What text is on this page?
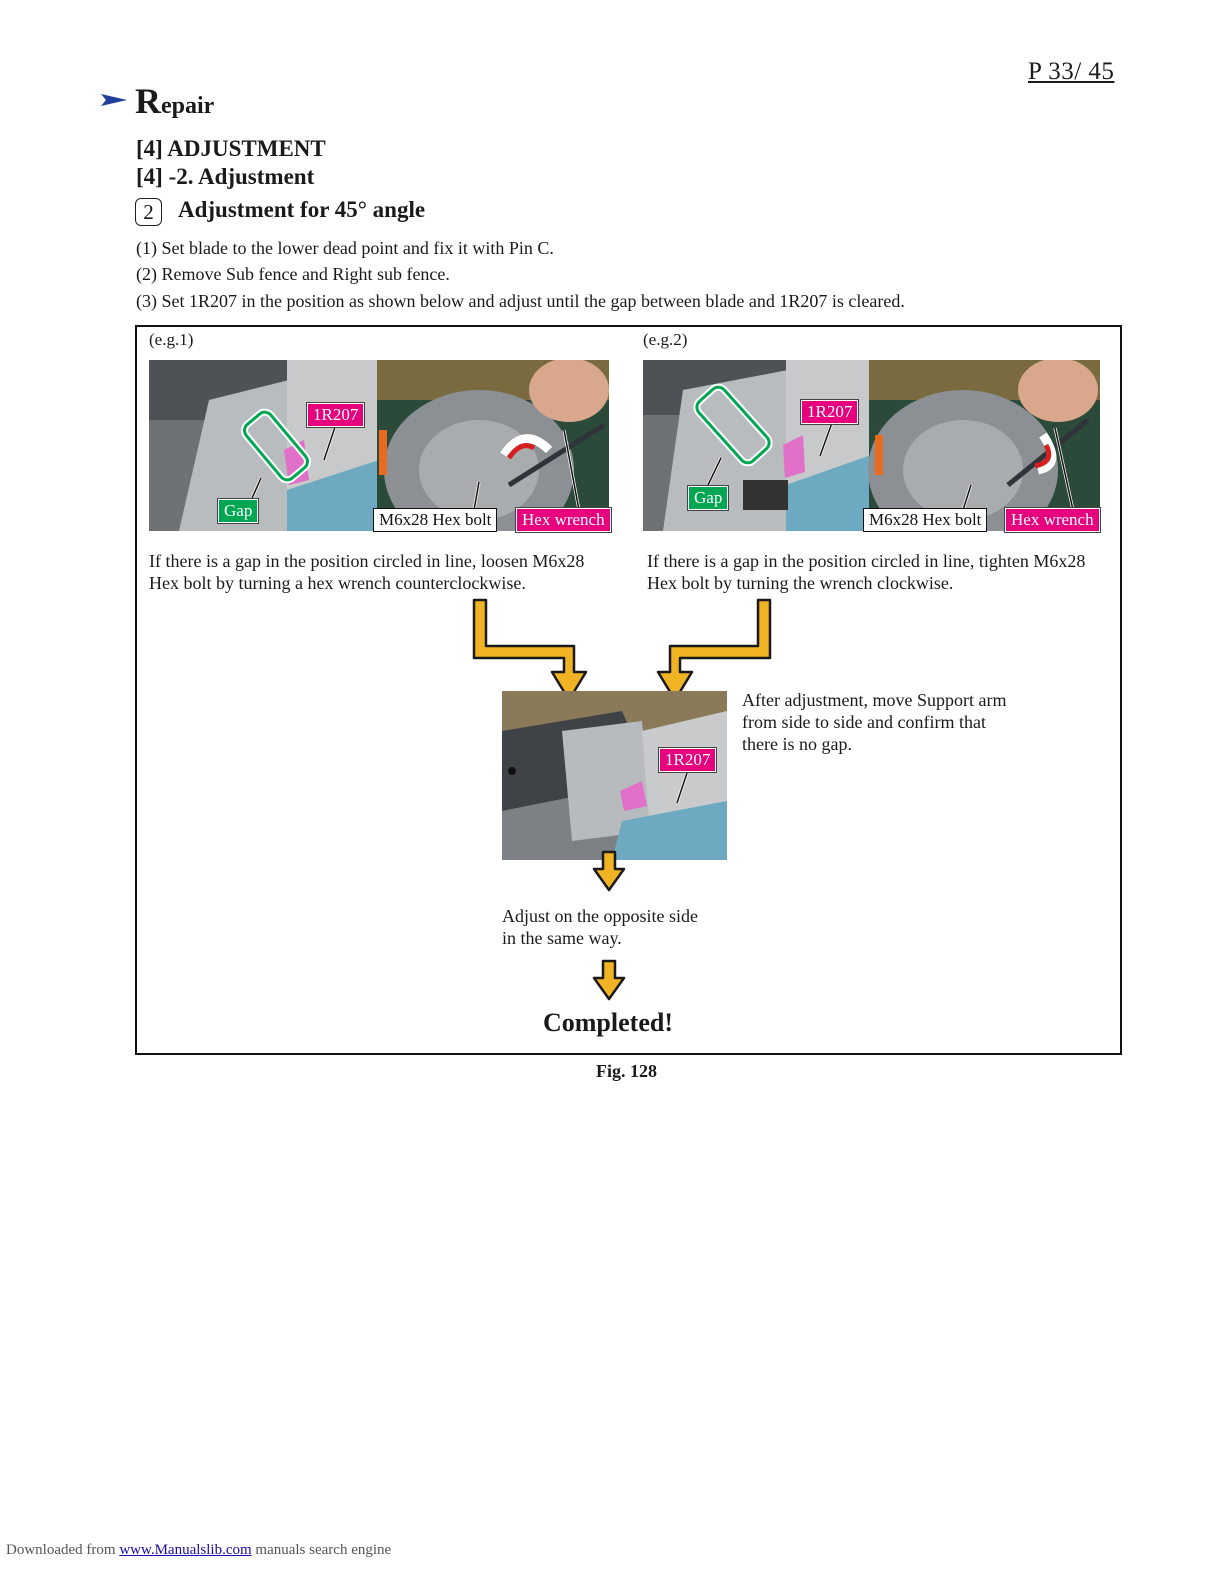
P 33/ 45
Repair
[4] ADJUSTMENT
[4] -2. Adjustment
2	Adjustment for 45° angle
(1) Set blade to the lower dead point and fix it with Pin C.
(2) Remove Sub fence and Right sub fence.
(3) Set 1R207 in the position as shown below and adjust until the gap between blade and 1R207 is cleared.
(e.g.1)
1R207
Gap	M6x28 Hex bolt	Hex wrench
If there is a gap in the position circled in line, loosen M6x28
Hex bolt by turning a hex wrench counterclockwise.
(e.g.2)
1R207
Gap
M6x28 Hex bolt	Hex wrench
If there is a gap in the position circled in line, tighten M6x28
Hex bolt by turning the wrench clockwise.
1R207
After adjustment, move Support arm
from side to side and confirm that
there is no gap.
Adjust on the opposite side
in the same way.
Completed!
Fig. 128
Downloaded from www.Manualslib.com manuals search engine
